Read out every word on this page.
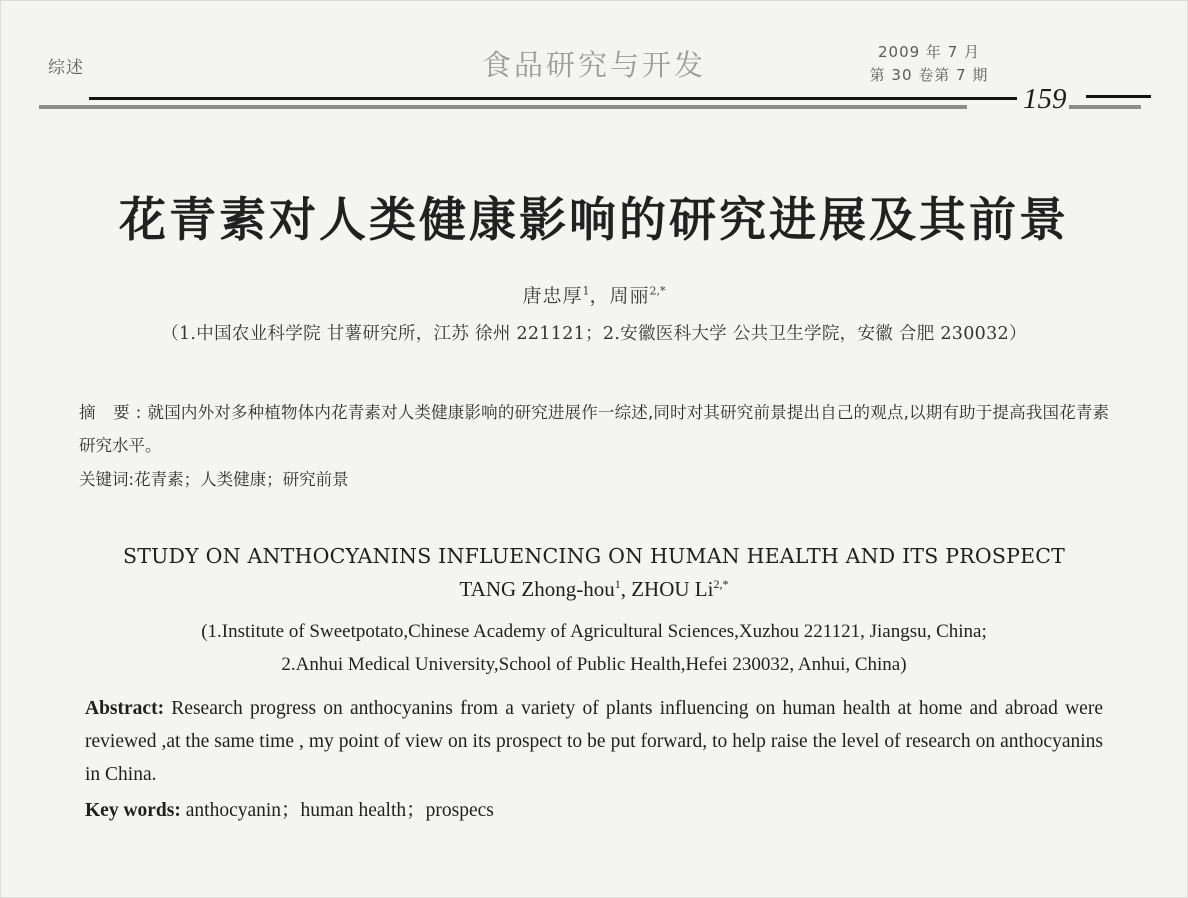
综述	食品研究与开发	2009 年 7 月
第 30 卷第 7 期
159
花青素对人类健康影响的研究进展及其前景
唐忠厚$^1$，周丽$^{2,*}$
（1.中国农业科学院 甘薯研究所，江苏 徐州 221121；2.安徽医科大学 公共卫生学院，安徽 合肥 230032）
摘 要:就国内外对多种植物体内花青素对人类健康影响的研究进展作一综述,同时对其研究前景提出自己的观点,以期有助于提高我国花青素研究水平。
关键词:花青素；人类健康；研究前景
STUDY ON ANTHOCYANINS INFLUENCING ON HUMAN HEALTH AND ITS PROSPECT
TANG Zhong-hou$^1$, ZHOU $Li^{2,*}$
(1.Institute of Sweetpotato,Chinese Academy of Agricultural Sciences,Xuzhou 221121, Jiangsu, China;
2.Anhui Medical University,School of Public Health,Hefei 230032, Anhui, China)
Abstract: Research progress on anthocyanins from a variety of plants influencing on human health at home and abroad were reviewed ,at the same time , my point of view on its prospect to be put forward, to help raise the level of research on anthocyanins in China.
Key words: anthocyanin；human health；prospecs
